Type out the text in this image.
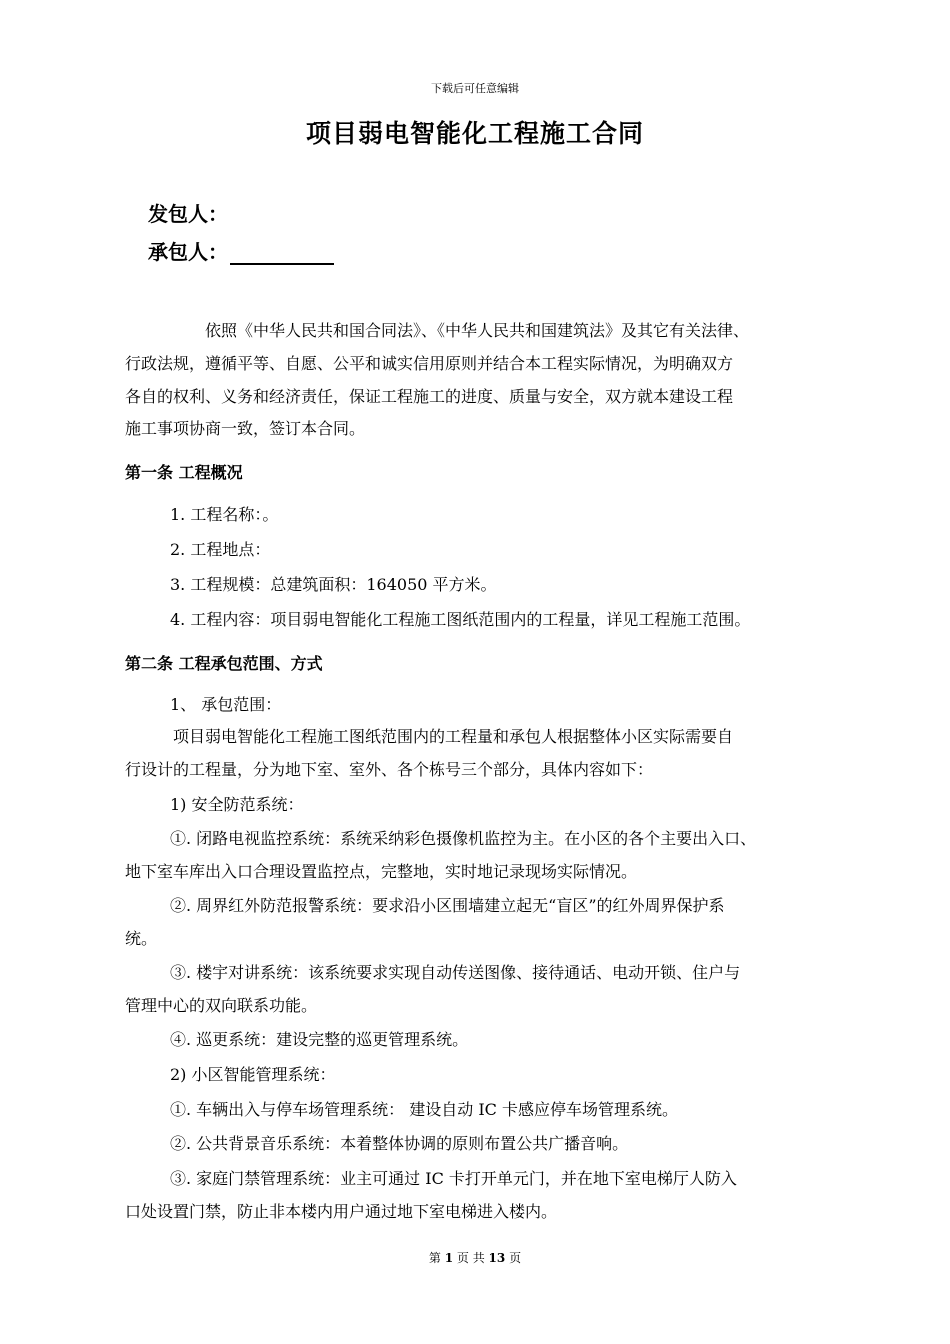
下载后可任意编辑
项目弱电智能化工程施工合同
发包人：
承包人：
依照《中华人民共和国合同法》、《中华人民共和国建筑法》及其它有关法律、
行政法规，遵循平等、自愿、公平和诚实信用原则并结合本工程实际情况，为明确双方
各自的权利、义务和经济责任，保证工程施工的进度、质量与安全，双方就本建设工程
施工事项协商一致，签订本合同。
第一条 工程概况
1. 工程名称：。
2. 工程地点：
3. 工程规模：总建筑面积：164050 平方米。
4. 工程内容：项目弱电智能化工程施工图纸范围内的工程量，详见工程施工范围。
第二条 工程承包范围、方式
1、 承包范围：
项目弱电智能化工程施工图纸范围内的工程量和承包人根据整体小区实际需要自
行设计的工程量，分为地下室、室外、各个栋号三个部分，具体内容如下：
1) 安全防范系统：
①. 闭路电视监控系统：系统采纳彩色摄像机监控为主。在小区的各个主要出入口、
地下室车库出入口合理设置监控点，完整地，实时地记录现场实际情况。
②. 周界红外防范报警系统：要求沿小区围墙建立起无“盲区”的红外周界保护系
统。
③. 楼宇对讲系统：该系统要求实现自动传送图像、接待通话、电动开锁、住户与
管理中心的双向联系功能。
④. 巡更系统：建设完整的巡更管理系统。
2) 小区智能管理系统：
①. 车辆出入与停车场管理系统： 建设自动 IC 卡感应停车场管理系统。
②. 公共背景音乐系统：本着整体协调的原则布置公共广播音响。
③. 家庭门禁管理系统：业主可通过 IC 卡打开单元门，并在地下室电梯厅人防入
口处设置门禁，防止非本楼内用户通过地下室电梯进入楼内。
第 1 页 共 13 页
